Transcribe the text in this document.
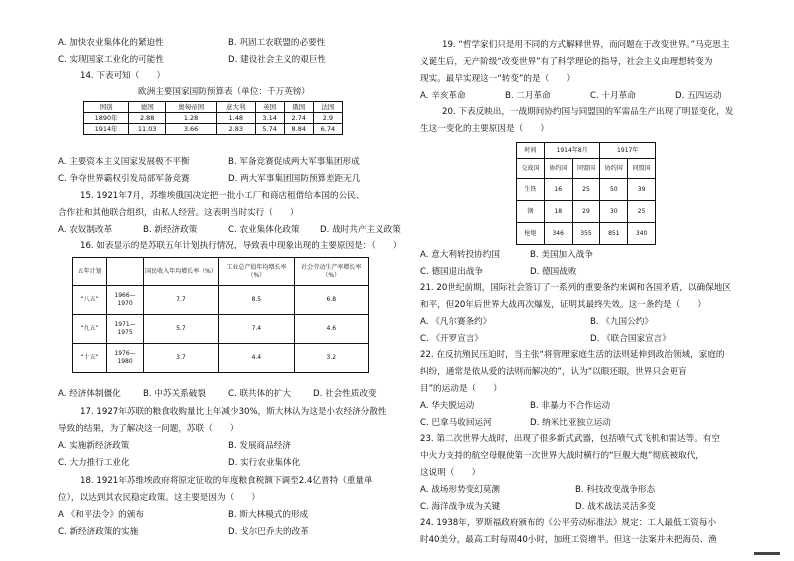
A. 加快农业集体化的紧迫性	B. 巩固工农联盟的必要性
C. 实现国家工业化的可能性	D. 建设社会主义的艰巨性
14. 下表可知（　　）
欧洲主要国家国防预算表（单位：千万英镑）
国别	德国	奥匈帝国	意大利	英国	俄国	法国
1890年	2.88	1.28	1.48	3.14	2.74	2.9
1914年	11.03	3.66	2.83	5.74	8.84	6.74
A. 主要资本主义国家发展极不平衡	B. 军备竞赛促成两大军事集团形成
C. 争夺世界霸权引发局部军备竞赛	D. 两大军事集团国防预算差距无几
15. 1921年7月，苏维埃俄国决定把一批小工厂和商店租借给本国的公民、
合作社和其他联合组织，由私人经营。这表明当时实行（　　）
A. 农奴制改革	B. 新经济政策	C. 农业集体化政策 D. 战时共产主义政策
16. 如表显示的是苏联五年计划执行情况，导致表中现象出现的主要原因是：（　　）
五年计划		国民收入年均增长率（%）	工业总产值年均增长率（%）	社会劳动生产率增长率（%）
“八五”	1966—1970	7.7	8.5	6.8
“九五”	1971—1975	5.7	7.4	4.6
“十五”	1976—1980	3.7	4.4	3.2
A. 经济体制僵化	B. 中苏关系破裂	C. 联共体的扩大	D. 社会性质改变
17. 1927年苏联的粮食收购量比上年减少30%，斯大林认为这是小农经济分散性
导致的结果，为了解决这一问题，苏联（　　）
A. 实施新经济政策	B. 发展商品经济
C. 大力推行工业化	D. 实行农业集体化
18. 1921年苏维埃政府将原定征收的年度粮食税额下调至2.4亿普特（重量单
位），以达到其农民稳定政策。这主要是因为（　　）
A 《和平法令》的颁布	B. 斯大林模式的形成
C. 新经济政策的实施	D. 戈尔巴乔夫的改革
19. “哲学家们只是用不同的方式解释世界，而问题在于改变世界。”马克思主
义诞生后，无产阶级“改变世界”有了科学理论的指导，社会主义由理想转变为
现实。最早实现这一“转变”的是（　　）
A. 辛亥革命	B. 二月革命	C. 十月革命	D. 五四运动
20. 下表反映出，一战期间协约国与同盟国的军需品生产出现了明显变化，发
生这一变化的主要原因是（　　）
时间	1914年8月		1917年	
交战国	协约国	同盟国	协约国	同盟国
生铁	16	25	50	39
钢	18	29	30	25
枪炮	346	355	851	340
A. 意大利转投协约国	B. 美国加入战争
C. 德国退出战争	D. 德国战败
21. 20世纪前期，国际社会签订了一系列的重要条约来调和各国矛盾，以确保地区
和平，但20年后世界大战再次爆发，证明其最终失效。这一条约是（　　）
A. 《凡尔赛条约》	B. 《九国公约》
C. 《开罗宣言》	D. 《联合国家宣言》
22. 在反抗殖民压迫时，当主张“将管理家庭生活的法则延伸到政治领域，家庭的
纠纷，通常是依从爱的法则而解决的”，认为“以眼还眼，世界只会更盲
目”的运动是（　　）
A. 华夫脱运动	B. 非暴力不合作运动
C. 巴拿马收回运河	D. 纳米比亚独立运动
23. 第二次世界大战时，出现了很多新式武器，包括喷气式飞机和雷达等。有空
中火力支持的航空母舰使第一次世界大战时横行的“巨舰大炮”彻底被取代，
这说明（　　）
A. 战场形势变幻莫测	B. 科技改变战争形态
C. 海洋战争成为关键	D. 战术战法灵活多变
24. 1938年，罗斯福政府颁布的《公平劳动标准法》规定：工人最低工资每小
时40美分，最高工时每周40小时，加班工资增半。但这一法案并未把海员、渔
